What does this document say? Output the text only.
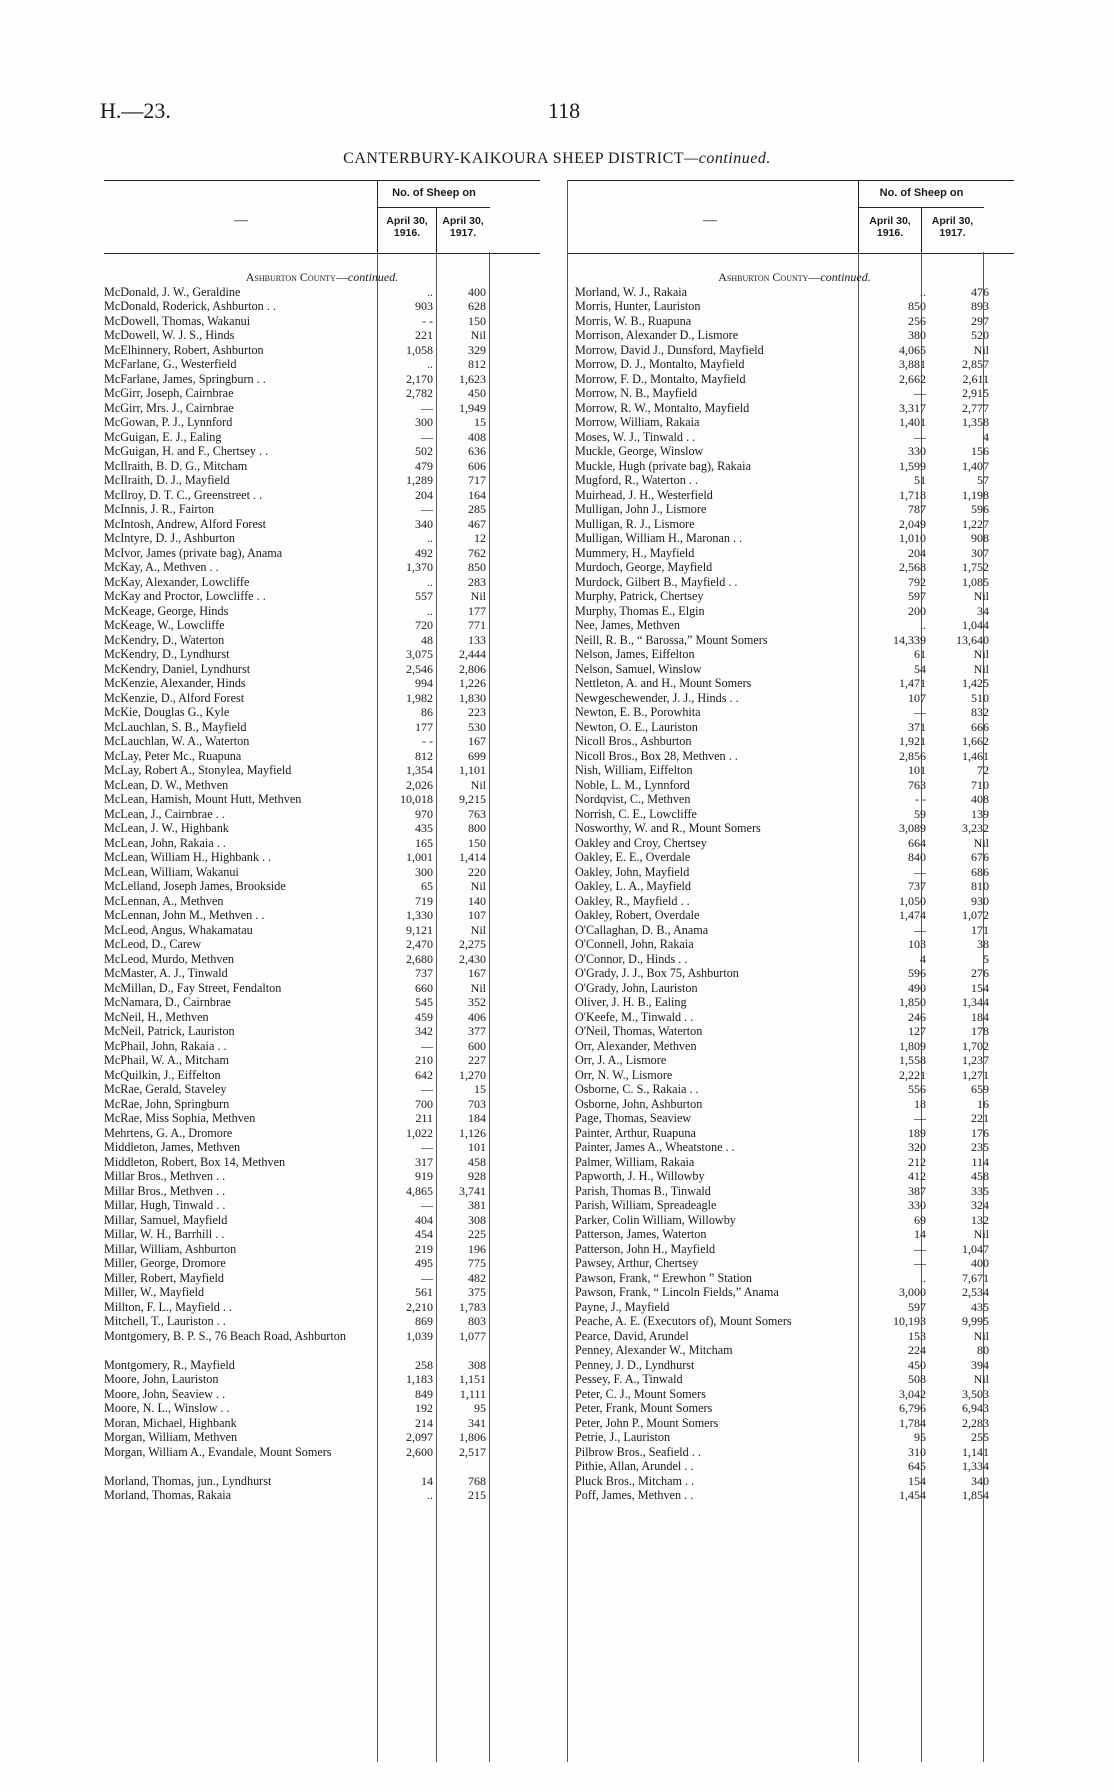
H.—23.	118
CANTERBURY-KAIKOURA SHEEP DISTRICT—continued.
—
No. of Sheep on
April 30, 1916.
April 30, 1917.
Ashburton County—continued.
McDonald, J. W., Geraldine	..	400
McDonald, Roderick, Ashburton . .	903	628
McDowell, Thomas, Wakanui	- -	150
McDowell, W. J. S., Hinds	221	Nil
McElhinnery, Robert, Ashburton	1,058	329
McFarlane, G., Westerfield	..	812
McFarlane, James, Springburn . .	2,170	1,623
McGirr, Joseph, Cairnbrae	2,782	450
McGirr, Mrs. J., Cairnbrae	—	1,949
McGowan, P. J., Lynnford	300	15
McGuigan, E. J., Ealing	—	408
McGuigan, H. and F., Chertsey . .	502	636
McIlraith, B. D. G., Mitcham	479	606
McIlraith, D. J., Mayfield	1,289	717
McIlroy, D. T. C., Greenstreet . .	204	164
McInnis, J. R., Fairton	—	285
McIntosh, Andrew, Alford Forest	340	467
McIntyre, D. J., Ashburton	..	12
McIvor, James (private bag), Anama	492	762
McKay, A., Methven . .	1,370	850
McKay, Alexander, Lowcliffe	..	283
McKay and Proctor, Lowcliffe . .	557	Nil
McKeage, George, Hinds	..	177
McKeage, W., Lowcliffe	720	771
McKendry, D., Waterton	48	133
McKendry, D., Lyndhurst	3,075	2,444
McKendry, Daniel, Lyndhurst	2,546	2,806
McKenzie, Alexander, Hinds	994	1,226
McKenzie, D., Alford Forest	1,982	1,830
McKie, Douglas G., Kyle	86	223
McLauchlan, S. B., Mayfield	177	530
McLauchlan, W. A., Waterton	- -	167
McLay, Peter Mc., Ruapuna	812	699
McLay, Robert A., Stonylea, Mayfield	1,354	1,101
McLean, D. W., Methven	2,026	Nil
McLean, Hamish, Mount Hutt, Methven	10,018	9,215
McLean, J., Cairnbrae . .	970	763
McLean, J. W., Highbank	435	800
McLean, John, Rakaia . .	165	150
McLean, William H., Highbank . .	1,001	1,414
McLean, William, Wakanui	300	220
McLelland, Joseph James, Brookside	65	Nil
McLennan, A., Methven	719	140
McLennan, John M., Methven . .	1,330	107
McLeod, Angus, Whakamatau	9,121	Nil
McLeod, D., Carew	2,470	2,275
McLeod, Murdo, Methven	2,680	2,430
McMaster, A. J., Tinwald	737	167
McMillan, D., Fay Street, Fendalton	660	Nil
McNamara, D., Cairnbrae	545	352
McNeil, H., Methven	459	406
McNeil, Patrick, Lauriston	342	377
McPhail, John, Rakaia . .	—	600
McPhail, W. A., Mitcham	210	227
McQuilkin, J., Eiffelton	642	1,270
McRae, Gerald, Staveley	—	15
McRae, John, Springburn	700	703
McRae, Miss Sophia, Methven	211	184
Mehrtens, G. A., Dromore	1,022	1,126
Middleton, James, Methven	—	101
Middleton, Robert, Box 14, Methven	317	458
Millar Bros., Methven . .	919	928
Millar Bros., Methven . .	4,865	3,741
Millar, Hugh, Tinwald . .	—	381
Millar, Samuel, Mayfield	404	308
Millar, W. H., Barrhill . .	454	225
Millar, William, Ashburton	219	196
Miller, George, Dromore	495	775
Miller, Robert, Mayfield	—	482
Miller, W., Mayfield	561	375
Millton, F. L., Mayfield . .	2,210	1,783
Mitchell, T., Lauriston . .	869	803
Montgomery, B. P. S., 76 Beach Road, Ashburton	1,039	1,077
Montgomery, R., Mayfield	258	308
Moore, John, Lauriston	1,183	1,151
Moore, John, Seaview . .	849	1,111
Moore, N. L., Winslow . .	192	95
Moran, Michael, Highbank	214	341
Morgan, William, Methven	2,097	1,806
Morgan, William A., Evandale, Mount Somers	2,600	2,517
Morland, Thomas, jun., Lyndhurst	14	768
Morland, Thomas, Rakaia	..	215
—
No. of Sheep on
April 30, 1916.
April 30, 1917.
Ashburton County—continued.
Morland, W. J., Rakaia	..	476
Morris, Hunter, Lauriston	850	893
Morris, W. B., Ruapuna	256	297
Morrison, Alexander D., Lismore	380	520
Morrow, David J., Dunsford, Mayfield	4,065	Nil
Morrow, D. J., Montalto, Mayfield	3,881	2,857
Morrow, F. D., Montalto, Mayfield	2,662	2,611
Morrow, N. B., Mayfield	—	2,915
Morrow, R. W., Montalto, Mayfield	3,317	2,777
Morrow, William, Rakaia	1,401	1,358
Moses, W. J., Tinwald . .	—	4
Muckle, George, Winslow	330	156
Muckle, Hugh (private bag), Rakaia	1,599	1,407
Mugford, R., Waterton . .	51	57
Muirhead, J. H., Westerfield	1,718	1,198
Mulligan, John J., Lismore	787	596
Mulligan, R. J., Lismore	2,049	1,227
Mulligan, William H., Maronan . .	1,010	908
Mummery, H., Mayfield	204	307
Murdoch, George, Mayfield	2,568	1,752
Murdock, Gilbert B., Mayfield . .	792	1,085
Murphy, Patrick, Chertsey	597	Nil
Murphy, Thomas E., Elgin	200	34
Nee, James, Methven	..	1,044
Neill, R. B., “ Barossa,” Mount Somers	14,339	13,640
Nelson, James, Eiffelton	61	Nil
Nelson, Samuel, Winslow	54	Nil
Nettleton, A. and H., Mount Somers	1,471	1,425
Newgeschewender, J. J., Hinds . .	107	510
Newton, E. B., Porowhita	—	832
Newton, O. E., Lauriston	371	666
Nicoll Bros., Ashburton	1,921	1,662
Nicoll Bros., Box 28, Methven . .	2,856	1,461
Nish, William, Eiffelton	101	72
Noble, L. M., Lynnford	763	710
Nordqvist, C., Methven	- -	408
Norrish, C. E., Lowcliffe	59	139
Nosworthy, W. and R., Mount Somers	3,089	3,232
Oakley and Croy, Chertsey	664	Nil
Oakley, E. E., Overdale	840	676
Oakley, John, Mayfield	—	686
Oakley, L. A., Mayfield	737	810
Oakley, R., Mayfield . .	1,050	930
Oakley, Robert, Overdale	1,474	1,072
O'Callaghan, D. B., Anama	—	171
O'Connell, John, Rakaia	103	38
O'Connor, D., Hinds . .	4	5
O'Grady, J. J., Box 75, Ashburton	596	276
O'Grady, John, Lauriston	490	154
Oliver, J. H. B., Ealing	1,850	1,344
O'Keefe, M., Tinwald . .	246	184
O'Neil, Thomas, Waterton	127	178
Orr, Alexander, Methven	1,809	1,702
Orr, J. A., Lismore	1,558	1,237
Orr, N. W., Lismore	2,221	1,271
Osborne, C. S., Rakaia . .	556	659
Osborne, John, Ashburton	18	16
Page, Thomas, Seaview	—	221
Painter, Arthur, Ruapuna	189	176
Painter, James A., Wheatstone . .	320	235
Palmer, William, Rakaia	212	114
Papworth, J. H., Willowby	412	458
Parish, Thomas B., Tinwald	387	335
Parish, William, Spreadeagle	330	324
Parker, Colin William, Willowby	69	132
Patterson, James, Waterton	14	Nil
Patterson, John H., Mayfield	—	1,047
Pawsey, Arthur, Chertsey	—	400
Pawson, Frank, “ Erewhon ” Station	..	7,671
Pawson, Frank, “ Lincoln Fields,” Anama	3,000	2,534
Payne, J., Mayfield	597	435
Peache, A. E. (Executors of), Mount Somers	10,193	9,995
Pearce, David, Arundel	153	Nil
Penney, Alexander W., Mitcham	224	80
Penney, J. D., Lyndhurst	450	394
Pessey, F. A., Tinwald	508	Nil
Peter, C. J., Mount Somers	3,042	3,503
Peter, Frank, Mount Somers	6,796	6,943
Peter, John P., Mount Somers	1,784	2,283
Petrie, J., Lauriston	95	255
Pilbrow Bros., Seafield . .	310	1,141
Pithie, Allan, Arundel . .	645	1,334
Pluck Bros., Mitcham . .	154	340
Poff, James, Methven . .	1,454	1,854
